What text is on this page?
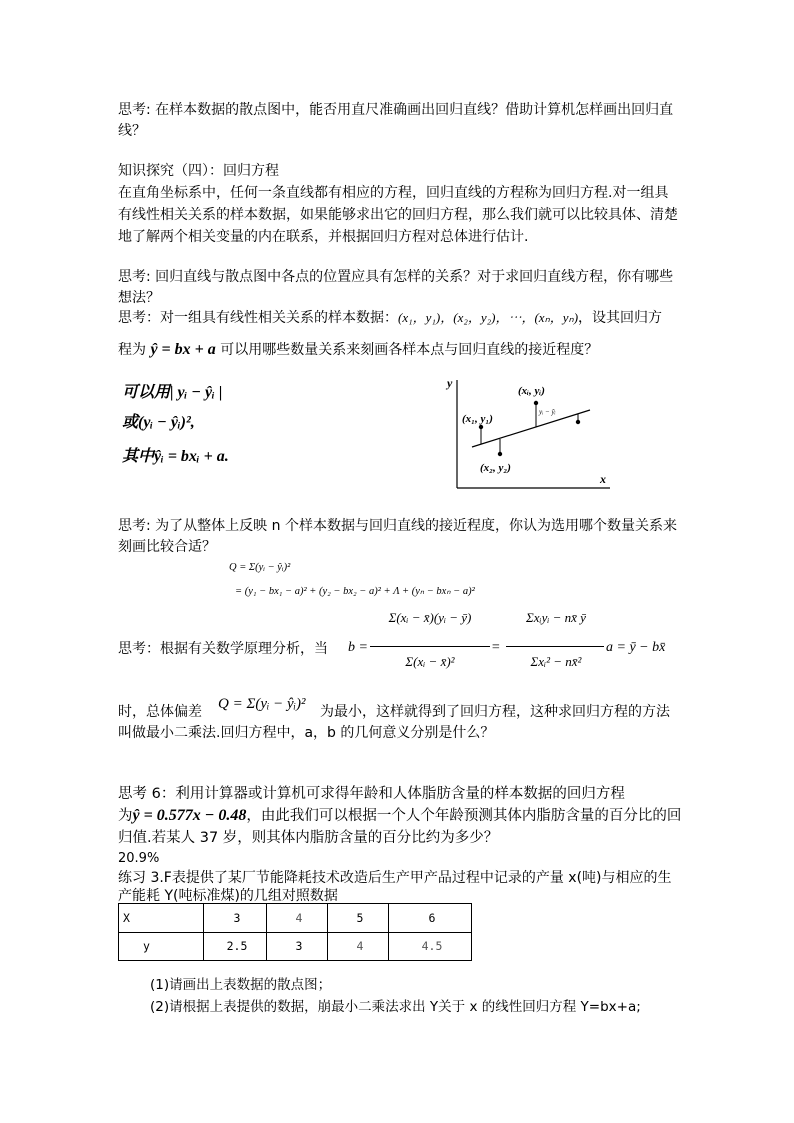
思考: 在样本数据的散点图中，能否用直尺准确画出回归直线？借助计算机怎样画出回归直
线？
知识探究（四）：回归方程
在直角坐标系中，任何一条直线都有相应的方程，回归直线的方程称为回归方程.对一组具
有线性相关关系的样本数据，如果能够求出它的回归方程，那么我们就可以比较具体、清楚
地了解两个相关变量的内在联系，并根据回归方程对总体进行估计.
思考: 回归直线与散点图中各点的位置应具有怎样的关系？对于求回归直线方程，你有哪些
想法？
思考：对一组具有线性相关关系的样本数据：(x₁，y₁)，(x₂，y₂)，⋯，(xₙ，yₙ)，设其回归方
程为 ŷ = bx + a 可以用哪些数量关系来刻画各样本点与回归直线的接近程度？
可以用| yᵢ − ŷᵢ |
或(yᵢ − ŷᵢ)²,
其中ŷᵢ = bxᵢ + a.
y
x
(x₁, y₁)
(xᵢ, yᵢ)
(x₂, y₂)
yᵢ − ŷᵢ
思考: 为了从整体上反映 n 个样本数据与回归直线的接近程度，你认为选用哪个数量关系来
刻画比较合适？
Q = Σ(yᵢ − ŷᵢ)²
= (y₁ − bx₁ − a)² + (y₂ − bx₂ − a)² + Λ + (yₙ − bxₙ − a)²
思考：根据有关数学原理分析，当 b =
Σ(xᵢ − x̄)(yᵢ − ȳ)
Σ(xᵢ − x̄)²
=
Σxᵢyᵢ − nx̄ ȳ
Σxᵢ² − nx̄²
a = ȳ − bx̄
时，总体偏差 Q = Σ(yᵢ − ŷᵢ)² 为最小，这样就得到了回归方程，这种求回归方程的方法
叫做最小二乘法.回归方程中，a，b 的几何意义分别是什么？
思考 6：利用计算器或计算机可求得年龄和人体脂肪含量的样本数据的回归方程
为ŷ = 0.577x − 0.48，由此我们可以根据一个人个年龄预测其体内脂肪含量的百分比的回
归值.若某人 37 岁，则其体内脂肪含量的百分比约为多少？
20.9%
练习 3.F表提供了某厂节能降耗技术改造后生产甲产品过程中记录的产量 x(吨)与相应的生
产能耗 Y(吨标准煤)的几组对照数据
X	3	4	5	6
y	2.5	3	4	4.5
(1)请画出上表数据的散点图；
(2)请根据上表提供的数据，崩最小二乘法求出 Y关于 x 的线性回归方程 Y=bx+a;
